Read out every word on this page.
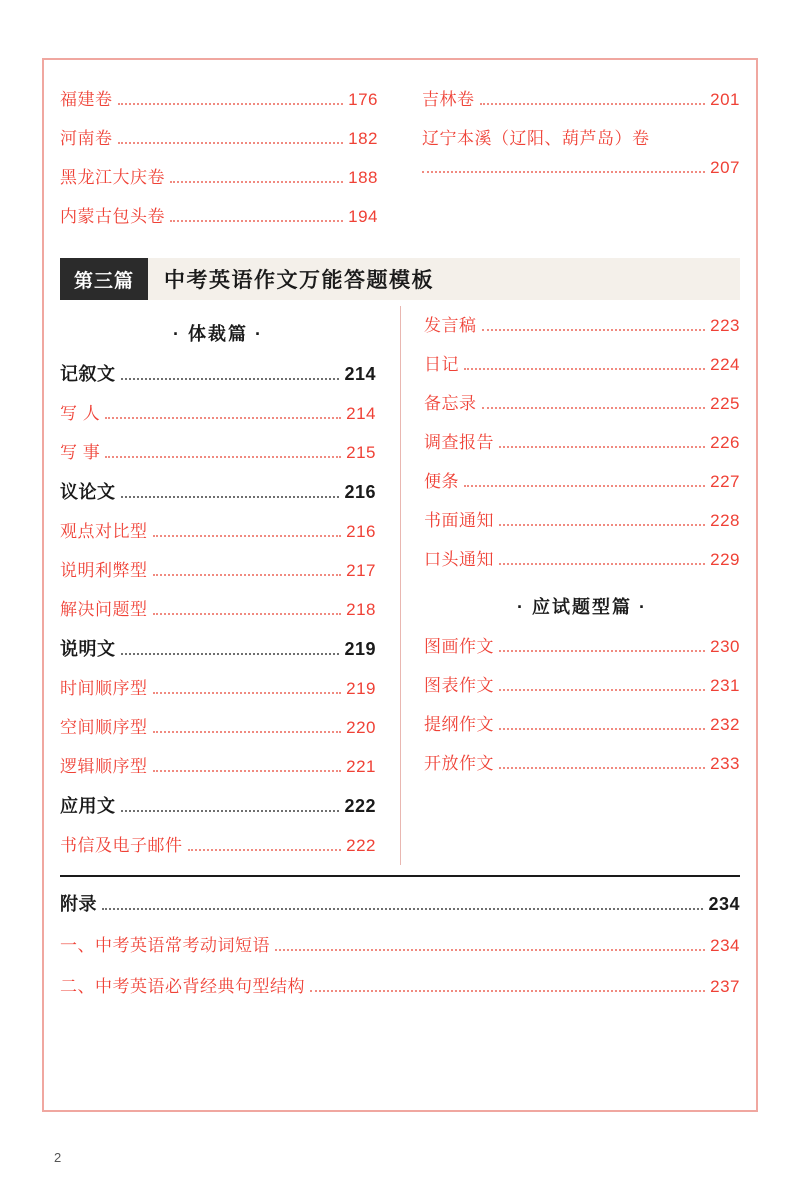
福建卷	176
河南卷	182
黑龙江大庆卷	188
内蒙古包头卷	194
吉林卷	201
辽宁本溪（辽阳、葫芦岛）卷
207
第三篇	中考英语作文万能答题模板
· 体裁篇 ·
记叙文	214
写 人	214
写 事	215
议论文	216
观点对比型	216
说明利弊型	217
解决问题型	218
说明文	219
时间顺序型	219
空间顺序型	220
逻辑顺序型	221
应用文	222
书信及电子邮件	222
发言稿	223
日记	224
备忘录	225
调查报告	226
便条	227
书面通知	228
口头通知	229
· 应试题型篇 ·
图画作文	230
图表作文	231
提纲作文	232
开放作文	233
附录	234
一、中考英语常考动词短语	234
二、中考英语必背经典句型结构	237
2
